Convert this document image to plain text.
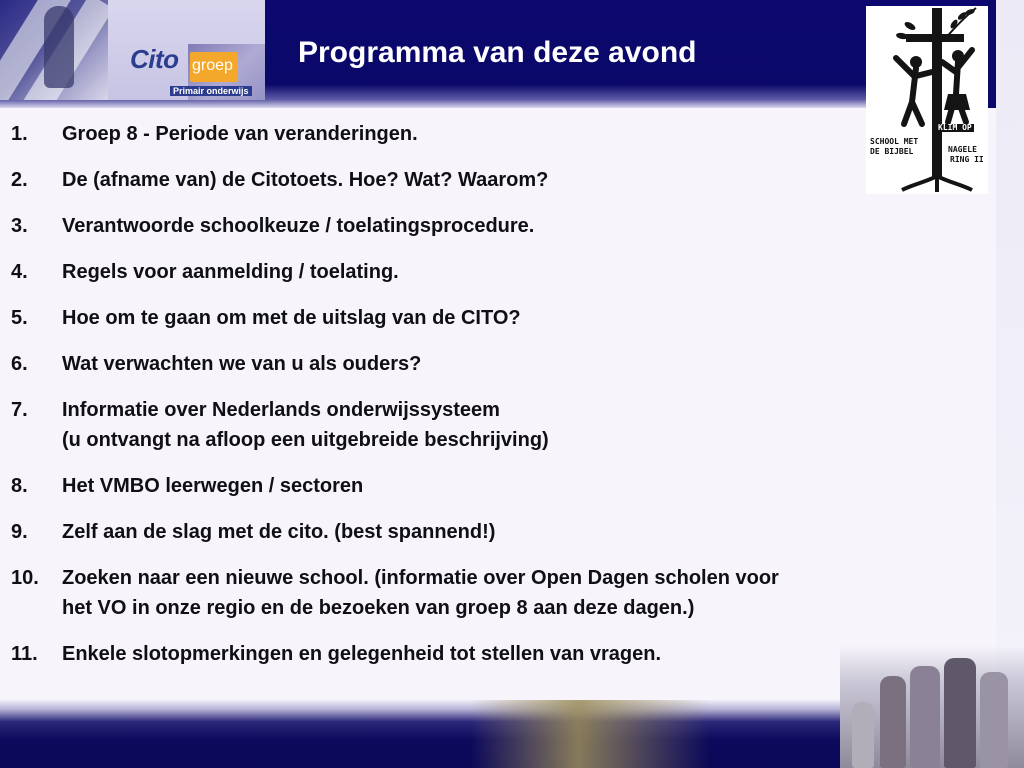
Cito groep
Primair onderwijs
Programma van deze avond
KLIM OP
SCHOOL MET
DE BIJBEL	NAGELE
RING II
1. Groep 8 - Periode van veranderingen.
2. De (afname van) de Citotoets. Hoe? Wat? Waarom?
3. Verantwoorde schoolkeuze / toelatingsprocedure.
4. Regels voor aanmelding / toelating.
5. Hoe om te gaan om met de uitslag van de CITO?
6. Wat verwachten we van u als ouders?
7. Informatie over Nederlands onderwijssysteem
(u ontvangt na afloop een uitgebreide beschrijving)
8. Het VMBO leerwegen / sectoren
9. Zelf aan de slag met de cito. (best spannend!)
10. Zoeken naar een nieuwe school. (informatie over Open Dagen scholen voor
het VO in onze regio en de bezoeken van groep 8 aan deze dagen.)
11. Enkele slotopmerkingen en gelegenheid tot stellen van vragen.
